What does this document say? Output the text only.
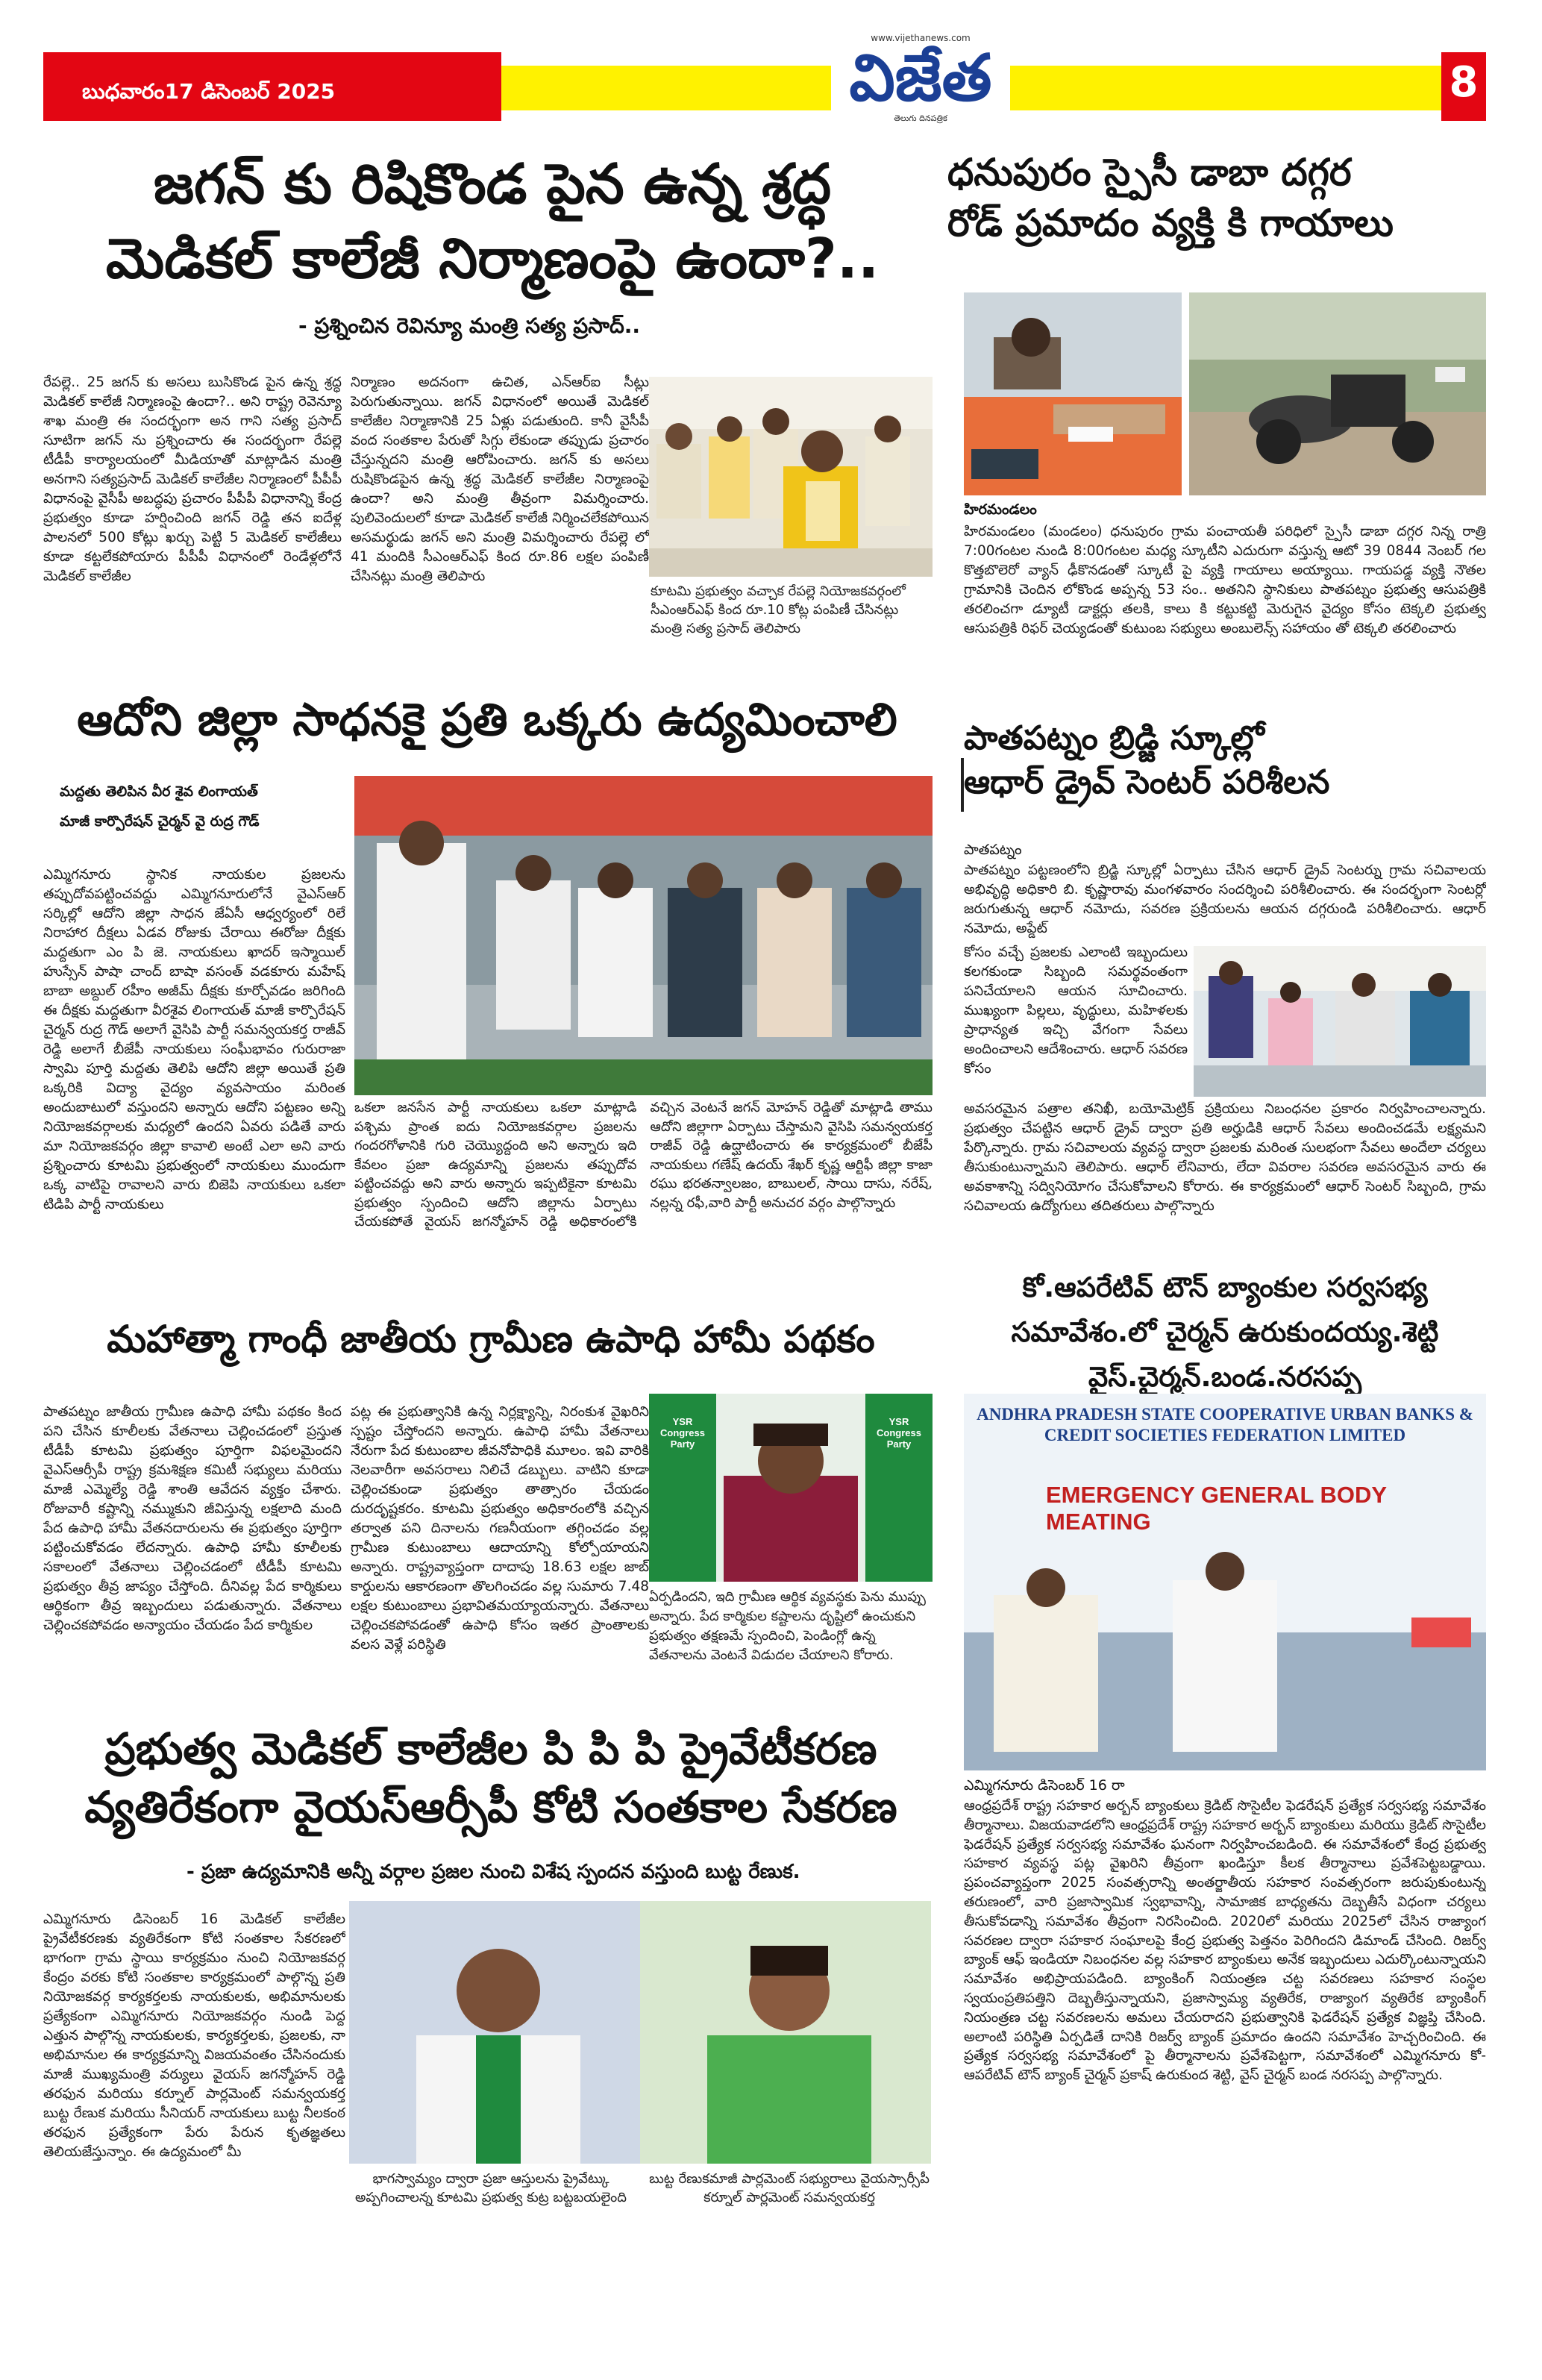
బుధవారం17 డిసెంబర్ 2025
www.vijethanews.com
విజేత
తెలుగు దినపత్రిక
8
జగన్ కు రిషికొండ పైన ఉన్న శ్రద్ధ
మెడికల్ కాలేజీ నిర్మాణంపై ఉందా?..
- ప్రశ్నించిన రెవిన్యూ మంత్రి సత్య ప్రసాద్..

రేపల్లె.. 25 జగన్ కు అసలు బుసికొండ పైన ఉన్న శ్రద్ధ మెడికల్ కాలేజీ నిర్మాణంపై ఉందా?.. అని రాష్ట్ర రెవెన్యూ శాఖ మంత్రి ఈ సందర్భంగా అన గాని సత్య ప్రసాద్ సూటిగా జగన్ ను ప్రశ్నించారు ఈ సందర్భంగా రేపల్లె టీడీపీ కార్యాలయంలో మీడియాతో మాట్లాడిన మంత్రి అనగాని సత్యప్రసాద్ మెడికల్ కాలేజీల నిర్మాణంలో పీపీపీ విధానంపై వైసీపీ అబద్ధపు ప్రచారం పీపీపీ విధానాన్ని కేంద్ర ప్రభుత్వం కూడా హర్షించింది జగన్ రెడ్డి తన ఐదేళ్ల పాలనలో 500 కోట్లు ఖర్చు పెట్టి 5 మెడికల్ కాలేజీలు కూడా కట్టలేకపోయారు పీపీపీ విధానంలో రెండేళ్లలోనే మెడికల్ కాలేజీల

నిర్మాణం అదనంగా ఉచిత, ఎన్ఆర్ఐ సీట్లు పెరుగుతున్నాయి. జగన్ విధానంలో అయితే మెడికల్ కాలేజీల నిర్మాణానికి 25 ఏళ్లు పడుతుంది. కానీ వైసీపీ వంద సంతకాల పేరుతో సిగ్గు లేకుండా తప్పుడు ప్రచారం చేస్తున్నదని మంత్రి ఆరోపించారు. జగన్ కు అసలు రుషికొండపైన ఉన్న శ్రద్ధ మెడికల్ కాలేజీల నిర్మాణంపై ఉందా? అని మంత్రి తీవ్రంగా విమర్శించారు. పులివెందులలో కూడా మెడికల్ కాలేజీ నిర్మించలేకపోయిన అసమర్థుడు జగన్ అని మంత్రి విమర్శించారు రేపల్లె లో 41 మందికి సీఎంఆర్ఎఫ్ కింద రూ.86 లక్షల పంపిణీ చేసినట్లు మంత్రి తెలిపారు

కూటమి ప్రభుత్వం వచ్చాక రేపల్లె నియోజకవర్గంలో సీఎంఆర్ఎఫ్ కింద రూ.10 కోట్ల పంపిణీ చేసినట్లు మంత్రి సత్య ప్రసాద్ తెలిపారు
ధనుపురం స్పైసీ డాబా దగ్గర
రోడ్ ప్రమాదం వ్యక్తి కి గాయాలు
హిరమండలం

హిరమండలం (మండలం) ధనుపురం గ్రామ పంచాయతీ పరిధిలో స్పైసీ డాబా దగ్గర నిన్న రాత్రి 7:00గంటల నుండి 8:00గంటల మధ్య స్కూటీని ఎదురుగా వస్తున్న ఆటో 39 0844 నెంబర్ గల కొత్తబొలెరో వ్యాన్ ఢీకొనడంతో స్కూటీ పై వ్యక్తి గాయాలు అయ్యాయి. గాయపడ్డ వ్యక్తి నౌతల గ్రామానికి చెందిన లోకొండ అప్పన్న 53 సం.. అతనిని స్థానికులు పాతపట్నం ప్రభుత్వ ఆసుపత్రికి తరలించగా డ్యూటీ డాక్టర్లు తలకి, కాలు కి కట్టుకట్టి మెరుగైన వైద్యం కోసం టెక్కలి ప్రభుత్వ ఆసుపత్రికి రిఫర్ చెయ్యడంతో కుటుంబ సభ్యులు అంబులెన్స్ సహాయం తో టెక్కలి తరలించారు

ఆదోని జిల్లా సాధనకై ప్రతి ఒక్కరు ఉద్యమించాలి
మద్దతు తెలిపిన వీర శైవ లింగాయత్
మాజీ కార్పొరేషన్ చైర్మన్ వై రుద్ర గౌడ్

ఎమ్మిగనూరు స్థానిక నాయకుల ప్రజలను తప్పుదోవపట్టించవద్దు ఎమ్మిగనూరులోనే వైఎస్ఆర్ సర్కిల్లో ఆదోని జిల్లా సాధన జేఏసీ ఆధ్వర్యంలో రిలే నిరాహార దీక్షలు ఏడవ రోజుకు చేరాయి ఈరోజు దీక్షకు మద్దతుగా ఎం పి జె. నాయకులు ఖాదర్ ఇస్మాయిల్ హుస్సేన్ పాషా చాంద్ బాషా వసంత్ వడకూరు మహేష్ బాబా అబ్దుల్ రహీం అజీమ్ దీక్షకు కూర్చోవడం జరిగింది ఈ దీక్షకు మద్దతుగా వీరశైవ లింగాయత్ మాజీ కార్పొరేషన్ చైర్మన్ రుద్ర గౌడ్ అలాగే వైసిపి పార్టీ సమన్వయకర్త రాజీవ్ రెడ్డి అలాగే బీజేపీ నాయకులు సంఘీభావం గురురాజా స్వామి పూర్తి మద్దతు తెలిపి ఆదోని జిల్లా అయితే ప్రతి ఒక్కరికి విద్యా వైద్యం వ్యవసాయం మరింత అందుబాటులో వస్తుందని అన్నారు ఆదోని పట్టణం అన్ని నియోజకవర్గాలకు మధ్యలో ఉందని ఏవరు పడితే వారు మా నియోజకవర్గం జిల్లా కావాలి అంటే ఎలా అని వారు ప్రశ్నించారు కూటమి ప్రభుత్వంలో నాయకులు ముందుగా ఒక్క వాటిపై రావాలని వారు బిజెపి నాయకులు ఒకలా టిడిపి పార్టీ నాయకులు

ఒకలా జనసేన పార్టీ నాయకులు ఒకలా మాట్లాడి పశ్చిమ ప్రాంత ఐదు నియోజకవర్గాల ప్రజలను గందరగోళానికి గురి చెయ్యొద్దంది అని అన్నారు ఇది కేవలం ప్రజా ఉద్యమాన్ని ప్రజలను తప్పుదోవ పట్టించవద్దు అని వారు అన్నారు ఇప్పటికైనా కూటమి ప్రభుత్వం స్పందించి ఆదోని జిల్లాను ఏర్పాటు చేయకపోతే వైయస్ జగన్మోహన్ రెడ్డి అధికారంలోకి వచ్చిన వెంటనే జగన్ మోహన్ రెడ్డితో మాట్లాడి తాము ఆదోని జిల్లాగా ఏర్పాటు చేస్తామని వైసిపి సమన్వయకర్త రాజీవ్ రెడ్డి ఉద్ఘాటించారు ఈ కార్యక్రమంలో బీజేపీ నాయకులు గణేష్ ఉదయ్ శేఖర్ కృష్ణ ఆర్టిఫీ జిల్లా కాజా రఘు భరతన్వాలజం, బాబులల్, సాయి దాసు, నరేష్, నల్లన్న రఫీ,వారి పార్టీ అనుచర వర్గం పాల్గొన్నారు

పాతపట్నం బ్రిడ్జి స్కూల్లో
ఆధార్ డ్రైవ్ సెంటర్ పరిశీలన
పాతపట్నం

పాతపట్నం పట్టణంలోని బ్రిడ్జి స్కూల్లో ఏర్పాటు చేసిన ఆధార్ డ్రైవ్ సెంటర్ను గ్రామ సచివాలయ అభివృద్ధి అధికారి బి. కృష్ణారావు మంగళవారం సందర్శించి పరిశీలించారు. ఈ సందర్భంగా సెంటర్లో జరుగుతున్న ఆధార్ నమోదు, సవరణ ప్రక్రియలను ఆయన దగ్గరుండి పరిశీలించారు. ఆధార్ నమోదు, అప్డేట్

కోసం వచ్చే ప్రజలకు ఎలాంటి ఇబ్బందులు కలగకుండా సిబ్బంది సమర్థవంతంగా పనిచేయాలని ఆయన సూచించారు. ముఖ్యంగా పిల్లలు, వృద్ధులు, మహిళలకు ప్రాధాన్యత ఇచ్చి వేగంగా సేవలు అందించాలని ఆదేశించారు. ఆధార్ సవరణ కోసం

అవసరమైన పత్రాల తనిఖీ, బయోమెట్రిక్ ప్రక్రియలు నిబంధనల ప్రకారం నిర్వహించాలన్నారు. ప్రభుత్వం చేపట్టిన ఆధార్ డ్రైవ్ ద్వారా ప్రతి అర్హుడికి ఆధార్ సేవలు అందించడమే లక్ష్యమని పేర్కొన్నారు. గ్రామ సచివాలయ వ్యవస్థ ద్వారా ప్రజలకు మరింత సులభంగా సేవలు అందేలా చర్యలు తీసుకుంటున్నామని తెలిపారు. ఆధార్ లేనివారు, లేదా వివరాల సవరణ అవసరమైన వారు ఈ అవకాశాన్ని సద్వినియోగం చేసుకోవాలని కోరారు. ఈ కార్యక్రమంలో ఆధార్ సెంటర్ సిబ్బంది, గ్రామ సచివాలయ ఉద్యోగులు తదితరులు పాల్గొన్నారు

కో.ఆపరేటివ్ టౌన్ బ్యాంకుల సర్వసభ్య
సమావేశం.లో చైర్మన్ ఉరుకుందయ్య.శెట్టి
వైస్.చైర్మన్.బండ.నరసప్ప
ANDHRA PRADESH STATE COOPERATIVE URBAN BANKS &
CREDIT SOCIETIES FEDERATION LIMITED
EMERGENCY GENERAL BODY MEATING
ఎమ్మిగనూరు డిసెంబర్ 16 రా

ఆంధ్రప్రదేశ్ రాష్ట్ర సహకార అర్బన్ బ్యాంకులు క్రెడిట్ సొసైటీల ఫెడరేషన్ ప్రత్యేక సర్వసభ్య సమావేశం తీర్మానాలు. విజయవాడలోని ఆంధ్రప్రదేశ్ రాష్ట్ర సహకార అర్బన్ బ్యాంకులు మరియు క్రెడిట్ సొసైటీల ఫెడరేషన్ ప్రత్యేక సర్వసభ్య సమావేశం ఘనంగా నిర్వహించబడింది. ఈ సమావేశంలో కేంద్ర ప్రభుత్వ సహకార వ్యవస్థ పట్ల వైఖరిని తీవ్రంగా ఖండిస్తూ కీలక తీర్మానాలు ప్రవేశపెట్టబడ్డాయి. ప్రపంచవ్యాప్తంగా 2025 సంవత్సరాన్ని అంతర్జాతీయ సహకార సంవత్సరంగా జరుపుకుంటున్న తరుణంలో, వారి ప్రజాస్వామిక స్వభావాన్ని, సామాజిక బాధ్యతను దెబ్బతీసే విధంగా చర్యలు తీసుకోవడాన్ని సమావేశం తీవ్రంగా నిరసించింది. 2020లో మరియు 2025లో చేసిన రాజ్యాంగ సవరణల ద్వారా సహకార సంఘాలపై కేంద్ర ప్రభుత్వ పెత్తనం పెరిగిందని డిమాండ్ చేసింది. రిజర్వ్ బ్యాంక్ ఆఫ్ ఇండియా నిబంధనల వల్ల సహకార బ్యాంకులు అనేక ఇబ్బందులు ఎదుర్కొంటున్నాయని సమావేశం అభిప్రాయపడింది. బ్యాంకింగ్ నియంత్రణ చట్ట సవరణలు సహకార సంస్థల స్వయంప్రతిపత్తిని దెబ్బతీస్తున్నాయని, ప్రజాస్వామ్య వ్యతిరేక, రాజ్యాంగ వ్యతిరేక బ్యాంకింగ్ నియంత్రణ చట్ట సవరణలను అమలు చేయరాదని ప్రభుత్వానికి ఫెడరేషన్ ప్రత్యేక విజ్ఞప్తి చేసింది. అలాంటి పరిస్థితి ఏర్పడితే దానికి రిజర్వ్ బ్యాంక్ ప్రమాదం ఉందని సమావేశం హెచ్చరించింది. ఈ ప్రత్యేక సర్వసభ్య సమావేశంలో పై తీర్మానాలను ప్రవేశపెట్టగా, సమావేశంలో ఎమ్మిగనూరు కో-ఆపరేటివ్ టౌన్ బ్యాంక్ చైర్మన్ ప్రకాష్ ఉరుకుంద శెట్టి, వైస్ చైర్మన్ బండ నరసప్ప పాల్గొన్నారు.

మహాత్మా గాంధీ జాతీయ గ్రామీణ ఉపాధి హామీ పథకం

పాతపట్నం జాతీయ గ్రామీణ ఉపాధి హామీ పథకం కింద పని చేసిన కూలీలకు వేతనాలు చెల్లించడంలో ప్రస్తుత టీడీపీ కూటమి ప్రభుత్వం పూర్తిగా విఫలమైందని వైఎస్ఆర్సీపీ రాష్ట్ర క్రమశిక్షణ కమిటీ సభ్యులు మరియు మాజీ ఎమ్మెల్యే రెడ్డి శాంతి ఆవేదన వ్యక్తం చేశారు. రోజువారీ కష్టాన్ని నమ్ముకుని జీవిస్తున్న లక్షలాది మంది పేద ఉపాధి హామీ వేతనదారులను ఈ ప్రభుత్వం పూర్తిగా పట్టించుకోవడం లేదన్నారు. ఉపాధి హామీ కూలీలకు సకాలంలో వేతనాలు చెల్లించడంలో టీడీపీ కూటమి ప్రభుత్వం తీవ్ర జాప్యం చేస్తోంది. దీనివల్ల పేద కార్మికులు ఆర్థికంగా తీవ్ర ఇబ్బందులు పడుతున్నారు. వేతనాలు చెల్లించకపోవడం అన్యాయం చేయడం పేద కార్మికుల

పట్ల ఈ ప్రభుత్వానికి ఉన్న నిర్లక్ష్యాన్ని, నిరంకుశ వైఖరిని స్పష్టం చేస్తోందని అన్నారు. ఉపాధి హామీ వేతనాలు నేరుగా పేద కుటుంబాల జీవనోపాధికి మూలం. ఇవి వారికి నెలవారీగా అవసరాలు నిలిచే డబ్బులు. వాటిని కూడా చెల్లించకుండా ప్రభుత్వం తాత్సారం చేయడం దురదృష్టకరం. కూటమి ప్రభుత్వం అధికారంలోకి వచ్చిన తర్వాత పని దినాలను గణనీయంగా తగ్గించడం వల్ల గ్రామీణ కుటుంబాలు ఆదాయాన్ని కోల్పోయాయని అన్నారు. రాష్ట్రవ్యాప్తంగా దాదాపు 18.63 లక్షల జాబ్ కార్డులను ఆకారణంగా తొలగించడం వల్ల సుమారు 7.48 లక్షల కుటుంబాలు ప్రభావితమయ్యాయన్నారు. వేతనాలు చెల్లించకపోవడంతో ఉపాధి కోసం ఇతర ప్రాంతాలకు వలస వెళ్లే పరిస్థితి

YSR Congress Party
YSR Congress Party
ఏర్పడిందని, ఇది గ్రామీణ ఆర్థిక వ్యవస్థకు పెను ముప్పు అన్నారు. పేద కార్మికుల కష్టాలను దృష్టిలో ఉంచుకుని ప్రభుత్వం తక్షణమే స్పందించి, పెండింగ్లో ఉన్న వేతనాలను వెంటనే విడుదల చేయాలని కోరారు.
ప్రభుత్వ మెడికల్ కాలేజీల పి పి పి ప్రైవేటీకరణ
వ్యతిరేకంగా వైయస్ఆర్సీపీ కోటి సంతకాల సేకరణ
- ప్రజా ఉద్యమానికి అన్నీ వర్గాల ప్రజల నుంచి విశేష స్పందన వస్తుంది బుట్ట రేణుక.

ఎమ్మిగనూరు డిసెంబర్ 16 మెడికల్ కాలేజీల ప్రైవేటీకరణకు వ్యతిరేకంగా కోటి సంతకాల సేకరణలో భాగంగా గ్రామ స్థాయి కార్యక్రమం నుంచి నియోజకవర్గ కేంద్రం వరకు కోటి సంతకాల కార్యక్రమంలో పాల్గొన్న ప్రతి నియోజకవర్గ కార్యకర్తలకు నాయకులకు, అభిమానులకు ప్రత్యేకంగా ఎమ్మిగనూరు నియోజకవర్గం నుండి పెద్ద ఎత్తున పాల్గొన్న నాయకులకు, కార్యకర్తలకు, ప్రజలకు, నా అభిమానుల ఈ కార్యక్రమాన్ని విజయవంతం చేసినందుకు మాజీ ముఖ్యమంత్రి వర్యులు వైయస్ జగన్మోహన్ రెడ్డి తరఫున మరియు కర్నూల్ పార్లమెంట్ సమన్వయకర్త బుట్ట రేణుక మరియు సీనియర్ నాయకులు బుట్ట నీలకంఠ తరఫున ప్రత్యేకంగా పేరు పేరున కృతజ్ఞతలు తెలియజేస్తున్నాం. ఈ ఉద్యమంలో మీ

భాగస్వామ్యం ద్వారా ప్రజా ఆస్తులను ప్రైవేట్కు అప్పగించాలన్న కూటమి ప్రభుత్వ కుట్ర బట్టబయలైంది
బుట్ట రేణుకమాజీ పార్లమెంట్ సభ్యురాలు వైయస్సార్సీపీ కర్నూల్ పార్లమెంట్ సమన్వయకర్త
